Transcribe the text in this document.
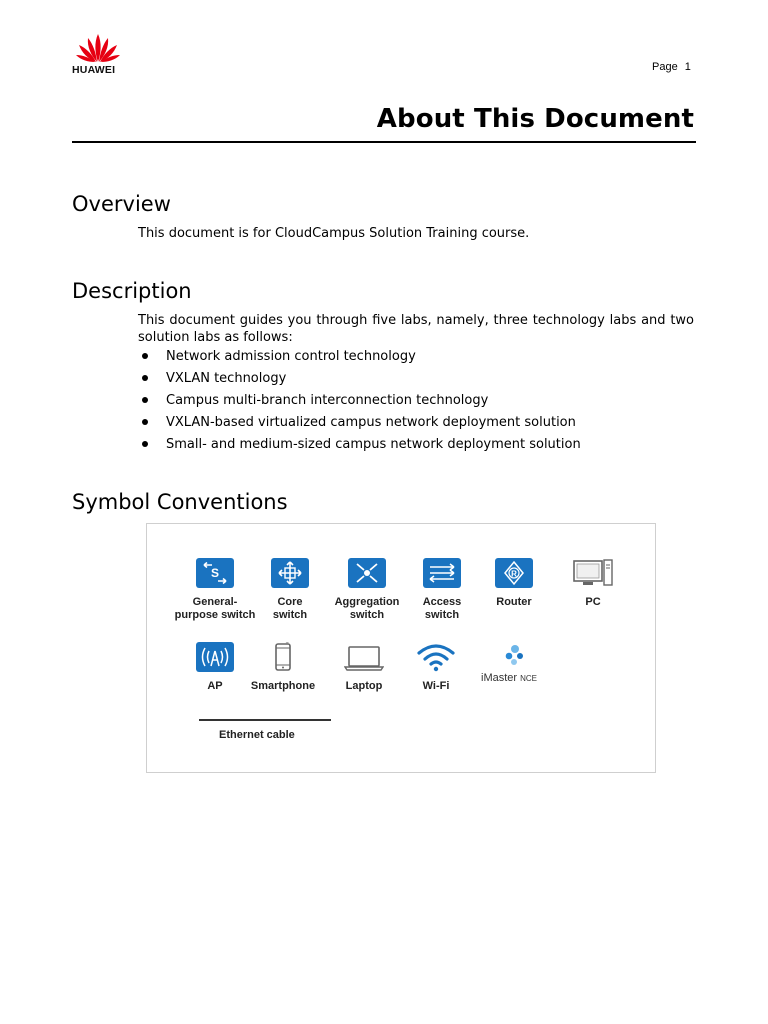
HUAWEI	Page 1
About This Document
Overview

This document is for CloudCampus Solution Training course.

Description

This document guides you through five labs, namely, three technology labs and two solution labs as follows:

Network admission control technology
VXLAN technology
Campus multi-branch interconnection technology
VXLAN-based virtualized campus network deployment solution
Small- and medium-sized campus network deployment solution
Symbol Conventions
S
General-
purpose switch
Core
switch
Aggregation
switch
Access
switch
R
Router	PC
AP	Smartphone	Laptop	Wi-Fi
iMaster NCE
Ethernet cable
